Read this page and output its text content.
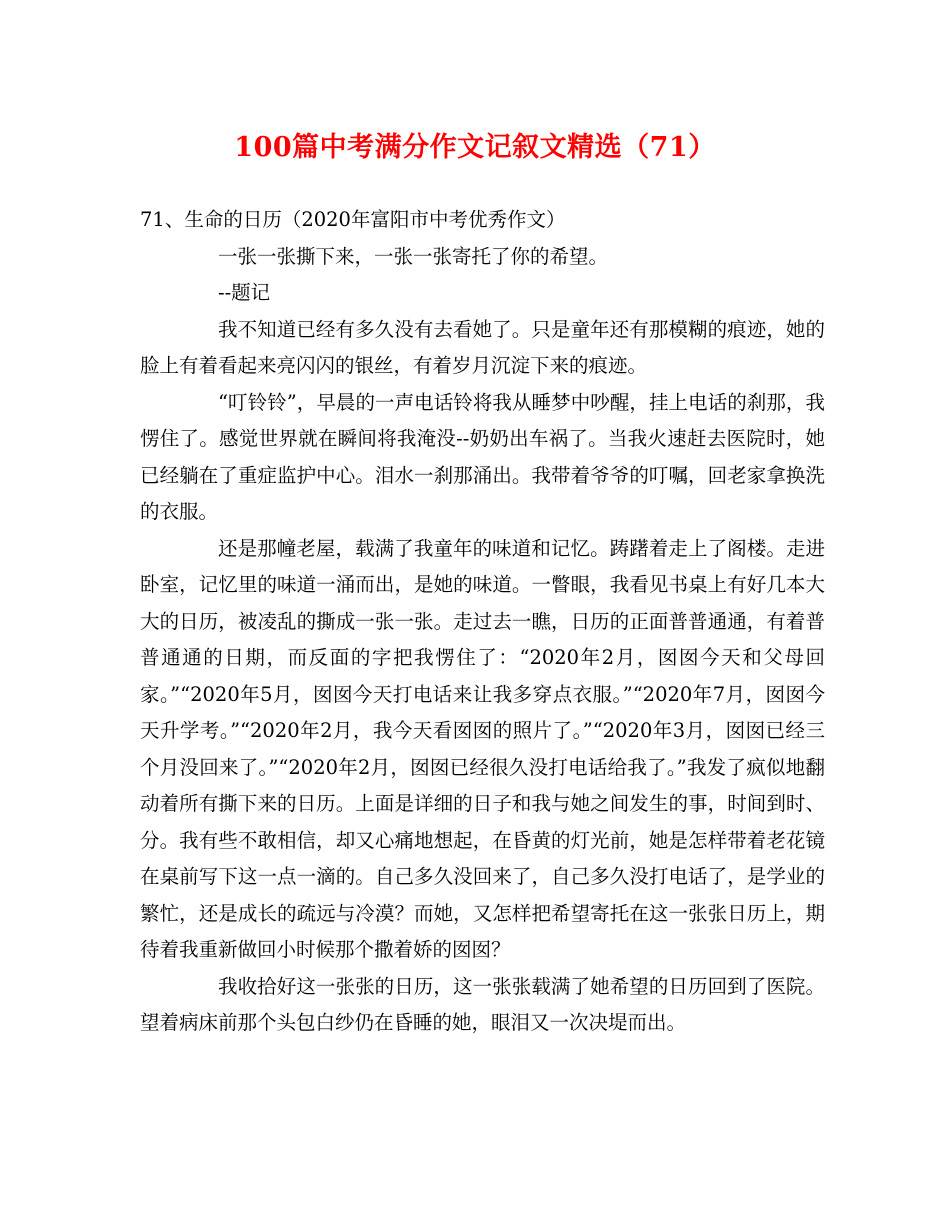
100篇中考满分作文记叙文精选（71）

71、生命的日历（2020年富阳市中考优秀作文）

一张一张撕下来，一张一张寄托了你的希望。

--题记

我不知道已经有多久没有去看她了。只是童年还有那模糊的痕迹，她的脸上有着看起来亮闪闪的银丝，有着岁月沉淀下来的痕迹。

“叮铃铃”，早晨的一声电话铃将我从睡梦中吵醒，挂上电话的刹那，我愣住了。感觉世界就在瞬间将我淹没--奶奶出车祸了。当我火速赶去医院时，她已经躺在了重症监护中心。泪水一刹那涌出。我带着爷爷的叮嘱，回老家拿换洗的衣服。

还是那幢老屋，载满了我童年的味道和记忆。踌躇着走上了阁楼。走进卧室，记忆里的味道一涌而出，是她的味道。一瞥眼，我看见书桌上有好几本大大的日历，被凌乱的撕成一张一张。走过去一瞧，日历的正面普普通通，有着普普通通的日期，而反面的字把我愣住了：“2020年2月，囡囡今天和父母回家。”“2020年5月，囡囡今天打电话来让我多穿点衣服。”“2020年7月，囡囡今天升学考。”“2020年2月，我今天看囡囡的照片了。”“2020年3月，囡囡已经三个月没回来了。”“2020年2月，囡囡已经很久没打电话给我了。”我发了疯似地翻动着所有撕下来的日历。上面是详细的日子和我与她之间发生的事，时间到时、分。我有些不敢相信，却又心痛地想起，在昏黄的灯光前，她是怎样带着老花镜在桌前写下这一点一滴的。自己多久没回来了，自己多久没打电话了，是学业的繁忙，还是成长的疏远与冷漠？而她，又怎样把希望寄托在这一张张日历上，期待着我重新做回小时候那个撒着娇的囡囡？

我收拾好这一张张的日历，这一张张载满了她希望的日历回到了医院。望着病床前那个头包白纱仍在昏睡的她，眼泪又一次决堤而出。
